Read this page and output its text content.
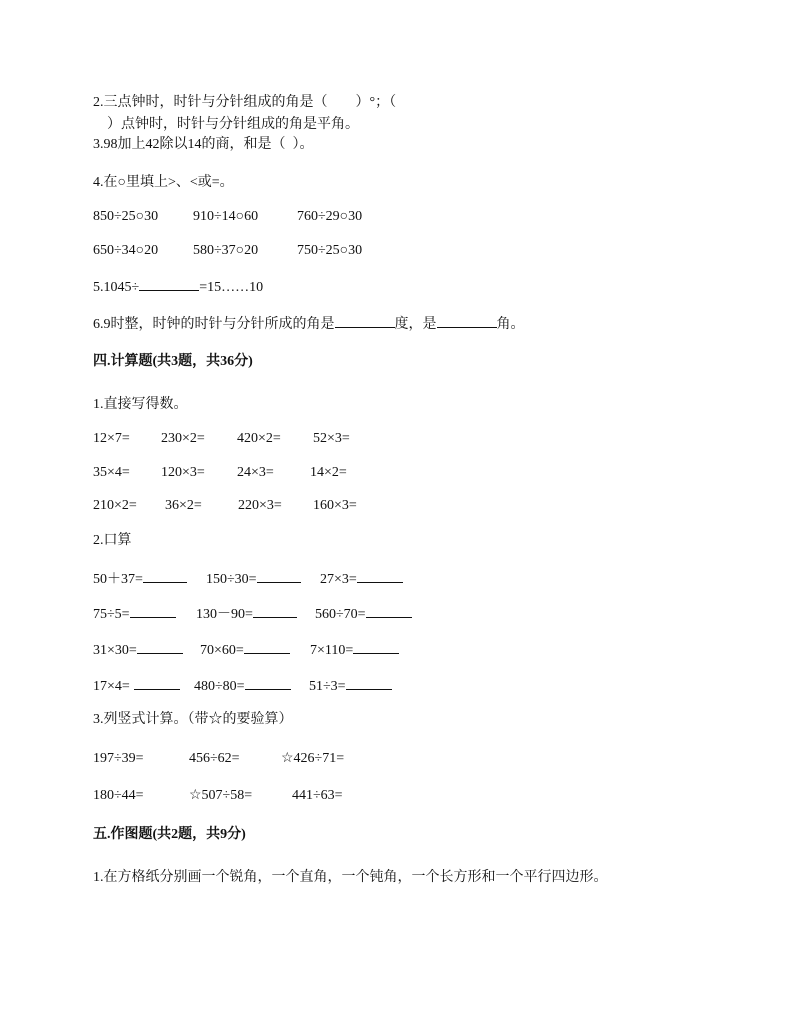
2.三点钟时，时针与分针组成的角是（　　）°；（
　）点钟时，时针与分针组成的角是平角。
3.98加上42除以14的商，和是（  ）。
4.在○里填上>、<或=。
850÷25○30 910÷14○60	760÷29○30
650÷34○20 580÷37○20	750÷25○30
5.1045÷	=15……10
6.9时整，时钟的时针与分针所成的角是	度，是	角。
四.计算题(共3题，共36分)
1.直接写得数。
12×7= 230×2= 420×2= 52×3=
35×4= 120×3= 24×3=	14×2=
210×2= 36×2=	220×3= 160×3=
2.口算
50＋37=	150÷30=	27×3=
75÷5=	130－90=	560÷70=
31×30=	70×60=	7×110=
17×4=	480÷80=	51÷3=
3.列竖式计算。（带☆的要验算）
197÷39=	456÷62=	☆426÷71=
180÷44=	☆507÷58=	441÷63=
五.作图题(共2题，共9分)
1.在方格纸分别画一个锐角，一个直角，一个钝角，一个长方形和一个平行四边形。
